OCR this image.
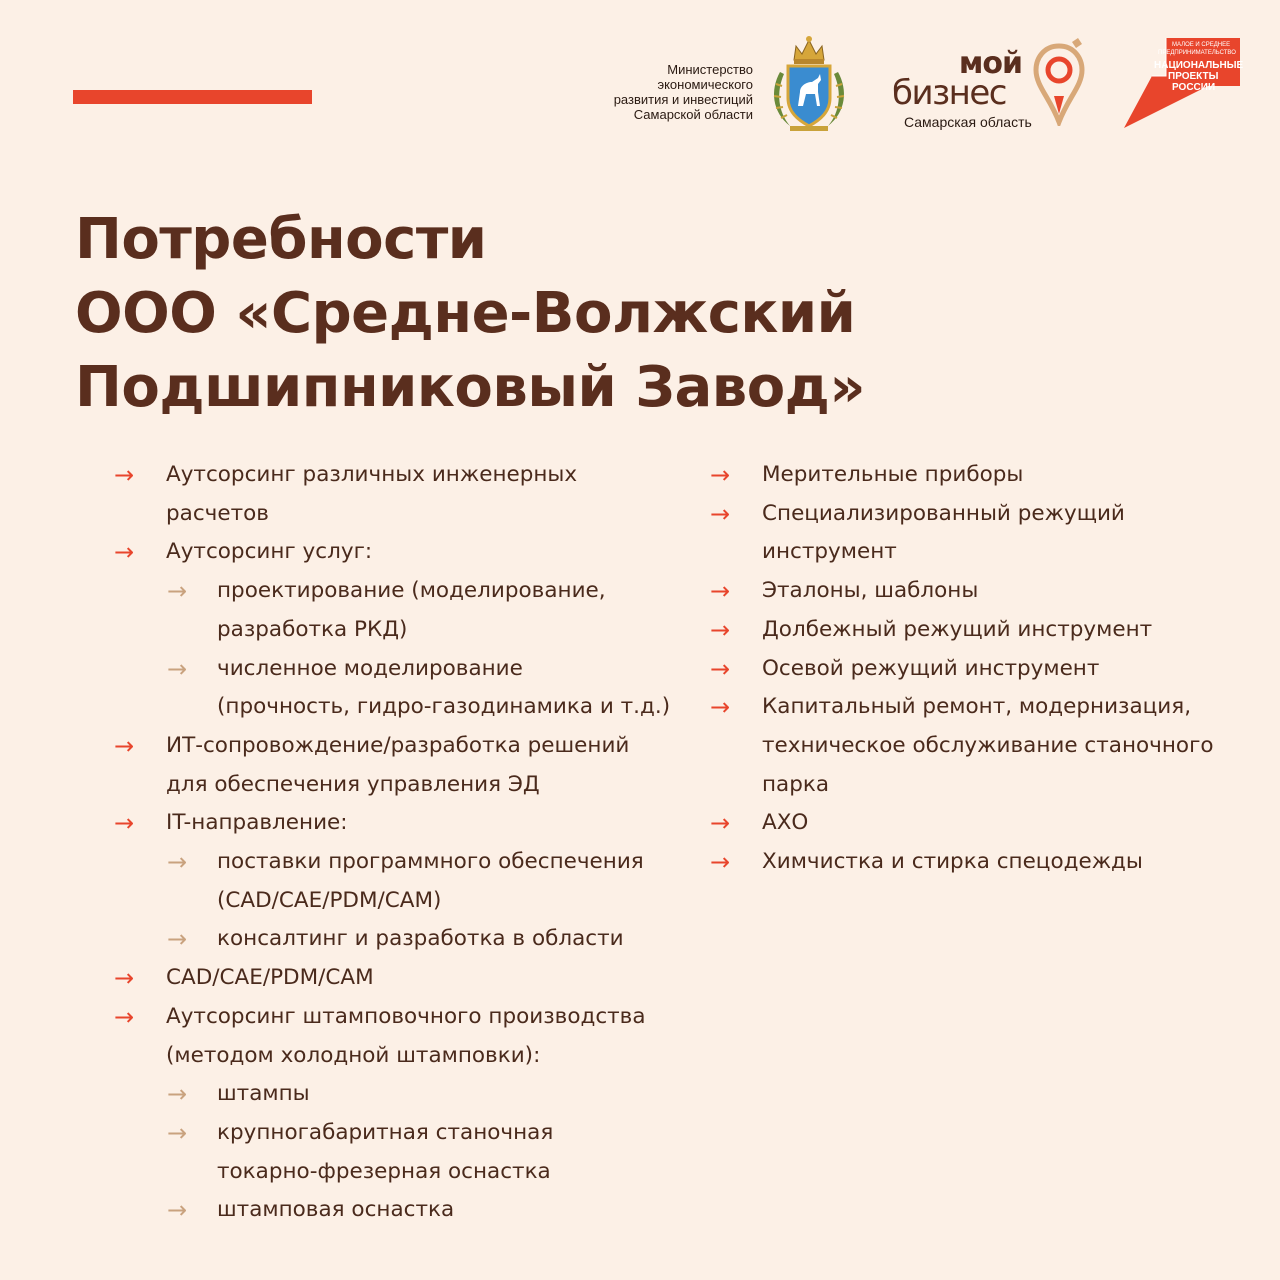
Министерство
экономического
развития и инвестиций
Самарской области
мой
бизнес
Самарская область
МАЛОЕ И СРЕДНЕЕ
ПРЕДПРИНИМАТЕЛЬСТВО
НАЦИОНАЛЬНЫЕ
ПРОЕКТЫ
РОССИИ
Потребности
ООО «Средне-Волжский
Подшипниковый Завод»
→ Аутсорсинг различных инженерных
расчетов
→ Аутсорсинг услуг:
→ проектирование (моделирование,
разработка РКД)
→ численное моделирование
(прочность, гидро-газодинамика и т.д.)
→ ИТ-сопровождение/разработка решений
для обеспечения управления ЭД
→ IT-направление:
→ поставки программного обеспечения
(CAD/CAE/PDM/CAM)
→ консалтинг и разработка в области
→ CAD/CAE/PDM/CAM
→ Аутсорсинг штамповочного производства
(методом холодной штамповки):
→ штампы
→ крупногабаритная станочная
токарно-фрезерная оснастка
→ штамповая оснастка
→ Мерительные приборы
→ Специализированный режущий
инструмент
→ Эталоны, шаблоны
→ Долбежный режущий инструмент
→ Осевой режущий инструмент
→ Капитальный ремонт, модернизация,
техническое обслуживание станочного
парка
→ АХО
→ Химчистка и стирка спецодежды
